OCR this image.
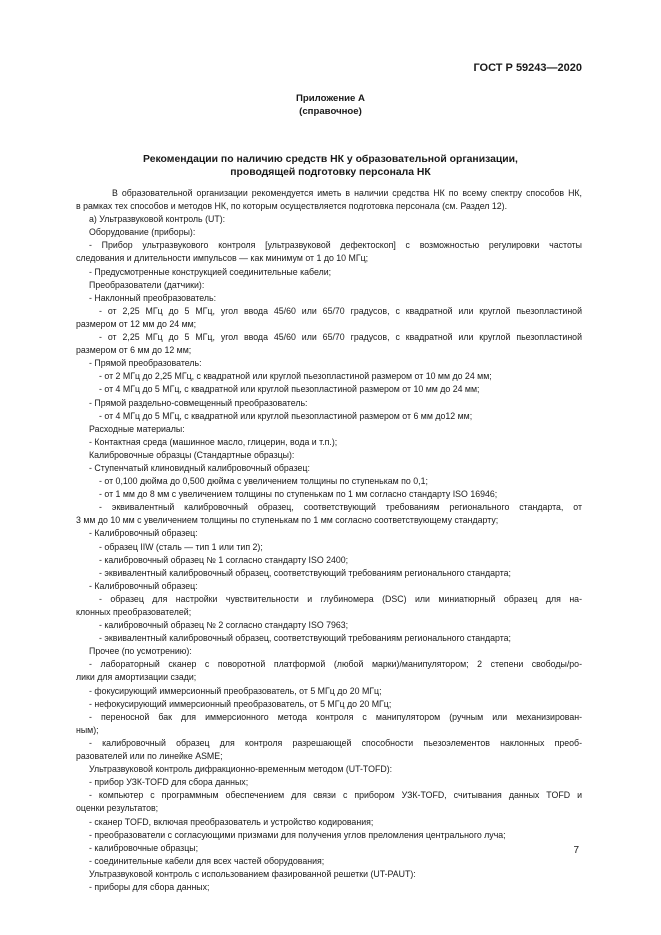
ГОСТ Р 59243—2020
Приложение А
(справочное)
Рекомендации по наличию средств НК у образовательной организации,
проводящей подготовку персонала НК
В образовательной организации рекомендуется иметь в наличии средства НК по всему спектру способов НК,
в рамках тех способов и методов НК, по которым осуществляется подготовка персонала (см. Раздел 12).
а) Ультразвуковой контроль (UT):
Оборудование (приборы):
- Прибор ультразвукового контроля [ультразвуковой дефектоскоп] с возможностью регулировки частоты
следования и длительности импульсов — как минимум от 1 до 10 МГц;
- Предусмотренные конструкцией соединительные кабели;
Преобразователи (датчики):
- Наклонный преобразователь:
- от 2,25 МГц до 5 МГц, угол ввода 45/60 или 65/70 градусов, с квадратной или круглой пьезопластиной
размером от 12 мм до 24 мм;
- от 2,25 МГц до 5 МГц, угол ввода 45/60 или 65/70 градусов, с квадратной или круглой пьезопластиной
размером от 6 мм до 12 мм;
- Прямой преобразователь:
- от 2 МГц до 2,25 МГц, с квадратной или круглой пьезопластиной размером от 10 мм до 24 мм;
- от 4 МГц до 5 МГц, с квадратной или круглой пьезопластиной размером от 10 мм до 24 мм;
- Прямой раздельно-совмещенный преобразователь:
- от 4 МГц до 5 МГц, с квадратной или круглой пьезопластиной размером от 6 мм до12 мм;
Расходные материалы:
- Контактная среда (машинное масло, глицерин, вода и т.п.);
Калибровочные образцы (Стандартные образцы):
- Ступенчатый клиновидный калибровочный образец:
- от 0,100 дюйма до 0,500 дюйма с увеличением толщины по ступенькам по 0,1;
- от 1 мм до 8 мм с увеличением толщины по ступенькам по 1 мм согласно стандарту ISO 16946;
- эквивалентный калибровочный образец, соответствующий требованиям регионального стандарта, от
3 мм до 10 мм с увеличением толщины по ступенькам по 1 мм согласно соответствующему стандарту;
- Калибровочный образец:
- образец IIW (сталь — тип 1 или тип 2);
- калибровочный образец № 1 согласно стандарту ISO 2400;
- эквивалентный калибровочный образец, соответствующий требованиям регионального стандарта;
- Калибровочный образец:
- образец для настройки чувствительности и глубиномера (DSC) или миниатюрный образец для на-
клонных преобразователей;
- калибровочный образец № 2 согласно стандарту ISO 7963;
- эквивалентный калибровочный образец, соответствующий требованиям регионального стандарта;
Прочее (по усмотрению):
- лабораторный сканер с поворотной платформой (любой марки)/манипулятором; 2 степени свободы/ро-
лики для амортизации сзади;
- фокусирующий иммерсионный преобразователь, от 5 МГц до 20 МГц;
- нефокусирующий иммерсионный преобразователь, от 5 МГц до 20 МГц;
- переносной бак для иммерсионного метода контроля с манипулятором (ручным или механизирован-
ным);
- калибровочный образец для контроля разрешающей способности пьезоэлементов наклонных преоб-
разователей или по линейке ASME;
Ультразвуковой контроль дифракционно-временным методом (UT-TOFD):
- прибор УЗК-TOFD для сбора данных;
- компьютер с программным обеспечением для связи с прибором УЗК-TOFD, считывания данных TOFD и
оценки результатов;
- сканер TOFD, включая преобразователь и устройство кодирования;
- преобразователи с согласующими призмами для получения углов преломления центрального луча;
- калибровочные образцы;
- соединительные кабели для всех частей оборудования;
Ультразвуковой контроль с использованием фазированной решетки (UT-PAUT):
- приборы для сбора данных;
7
